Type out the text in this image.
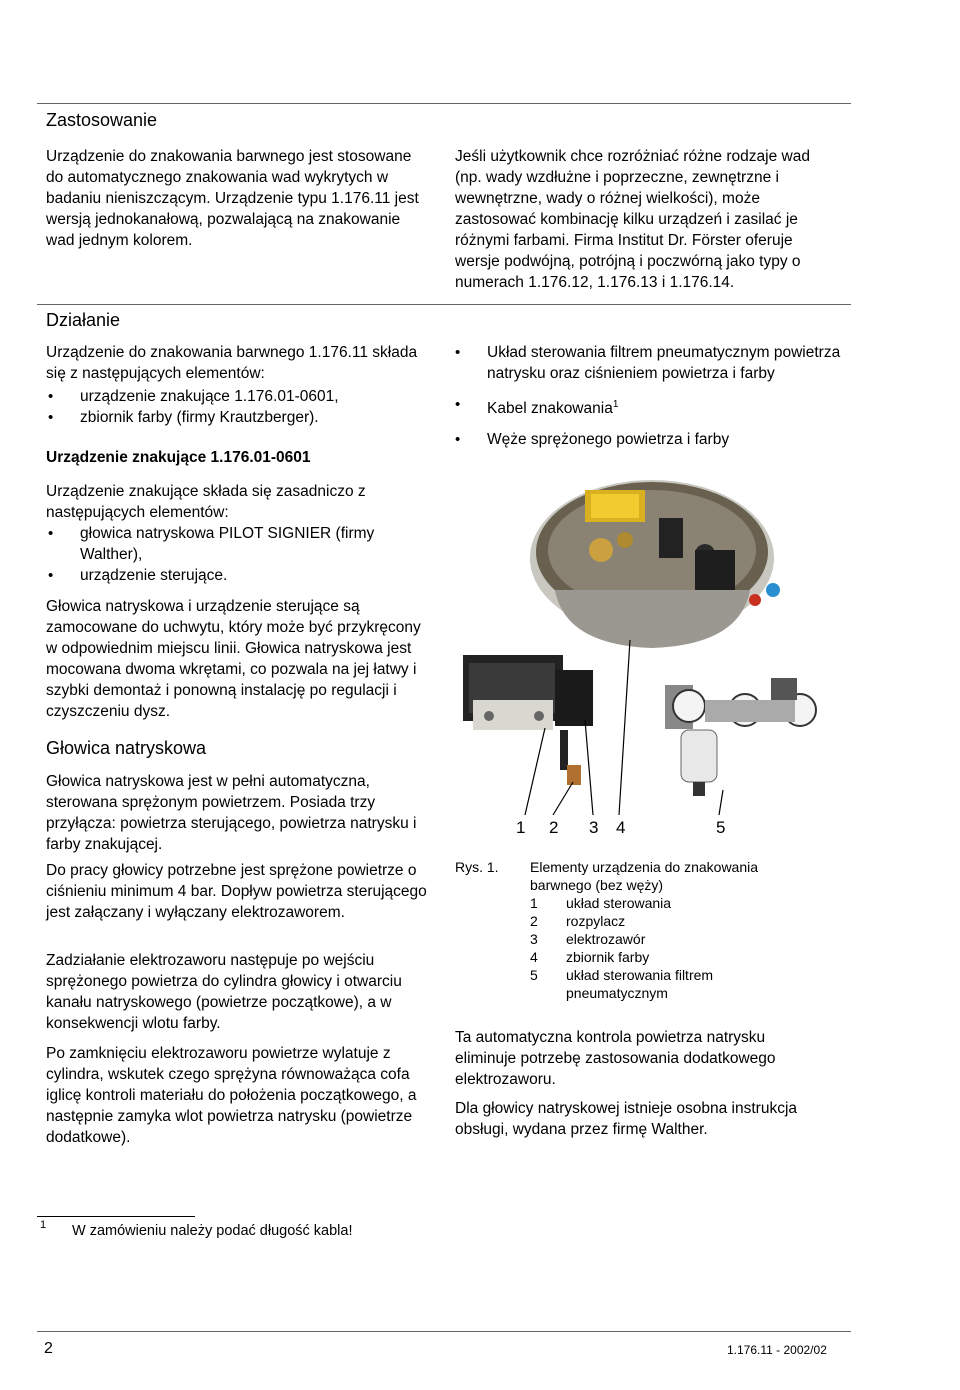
Zastosowanie

Urządzenie do znakowania barwnego jest stosowane do automatycznego znakowania wad wykrytych w badaniu nieniszczącym. Urządzenie typu 1.176.11 jest wersją jednokanałową, pozwalającą na znakowanie wad jednym kolorem.

Jeśli użytkownik chce rozróżniać różne rodzaje wad (np. wady wzdłużne i poprzeczne, zewnętrzne i wewnętrzne, wady o różnej wielkości), może zastosować kombinację kilku urządzeń i zasilać je różnymi farbami. Firma Institut Dr. Förster oferuje wersje podwójną, potrójną i poczwórną jako typy o numerach 1.176.12, 1.176.13 i 1.176.14.

Działanie

Urządzenie do znakowania barwnego 1.176.11 składa się z następujących elementów:

• urządzenie znakujące 1.176.01-0601,
• zbiornik farby (firmy Krautzberger).
• Układ sterowania filtrem pneumatycznym powietrza natrysku oraz ciśnieniem powietrza i farby
• Kabel znakowania$^1$
• Węże sprężonego powietrza i farby
Urządzenie znakujące 1.176.01-0601

Urządzenie znakujące składa się zasadniczo z następujących elementów:

• głowica natryskowa PILOT SIGNIER (firmy Walther),
• urządzenie sterujące.

Głowica natryskowa i urządzenie sterujące są zamocowane do uchwytu, który może być przykręcony w odpowiednim miejscu linii. Głowica natryskowa jest mocowana dwoma wkrętami, co pozwala na jej łatwy i szybki demontaż i ponowną instalację po regulacji i czyszczeniu dysz.

Głowica natryskowa

Głowica natryskowa jest w pełni automatyczna, sterowana sprężonym powietrzem. Posiada trzy przyłącza: powietrza sterującego, powietrza natrysku i farby znakującej.

Do pracy głowicy potrzebne jest sprężone powietrze o ciśnieniu minimum 4 bar. Dopływ powietrza sterującego jest załączany i wyłączany elektrozaworem.

Zadziałanie elektrozaworu następuje po wejściu sprężonego powietrza do cylindra głowicy i otwarciu kanału natryskowego (powietrze początkowe), a w konsekwencji wlotu farby.

Po zamknięciu elektrozaworu powietrze wylatuje z cylindra, wskutek czego sprężyna równoważąca cofa iglicę kontroli materiału do położenia początkowego, a następnie zamyka wlot powietrza natrysku (powietrze dodatkowe).

1 2 3 4	5
Rys. 1. Elementy urządzenia do znakowania barwnego (bez węży)
1 układ sterowania
2 rozpylacz
3 elektrozawór
4 zbiornik farby
5	układ sterowania filtrem pneumatycznym

Ta automatyczna kontrola powietrza natrysku eliminuje potrzebę zastosowania dodatkowego elektrozaworu.

Dla głowicy natryskowej istnieje osobna instrukcja obsługi, wydana przez firmę Walther.

1 W zamówieniu należy podać długość kabla!
2	1.176.11 - 2002/02
